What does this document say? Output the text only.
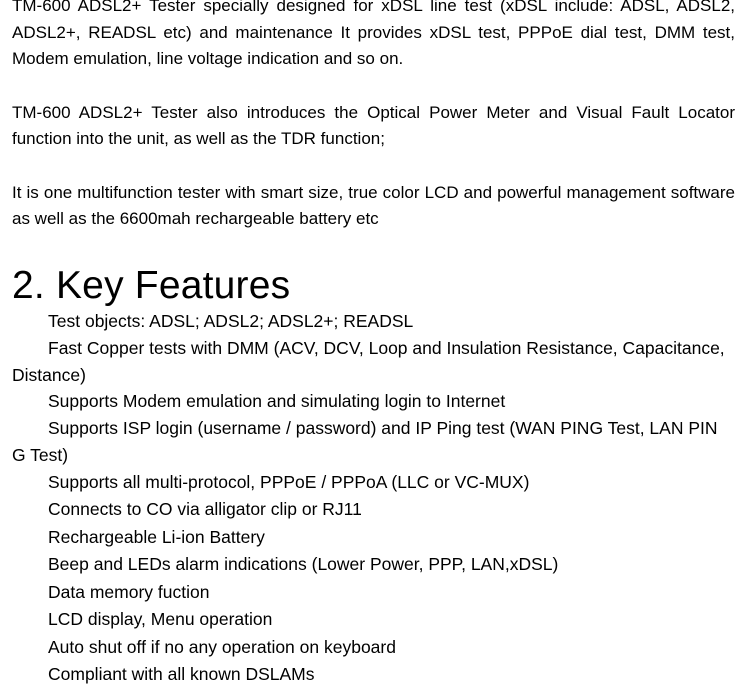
TM-600 ADSL2+ Tester specially designed for xDSL line test (xDSL include: ADSL, ADSL2, ADSL2+, READSL etc) and maintenance It provides xDSL test, PPPoE dial test, DMM test, Modem emulation, line voltage indication and so on.

TM-600 ADSL2+ Tester also introduces the Optical Power Meter and Visual Fault Locator function into the unit, as well as the TDR function;

It is one multifunction tester with smart size, true color LCD and powerful management software as well as the 6600mah rechargeable battery etc

2. Key Features
Test objects: ADSL; ADSL2; ADSL2+; READSL
Fast Copper tests with DMM (ACV, DCV, Loop and Insulation Resistance, Capacitance, Distance)
Supports Modem emulation and simulating login to Internet
Supports ISP login (username / password) and IP Ping test (WAN PING Test, LAN PING Test)
Supports all multi-protocol, PPPoE / PPPoA (LLC or VC-MUX)
Connects to CO via alligator clip or RJ11
Rechargeable Li-ion Battery
Beep and LEDs alarm indications (Lower Power, PPP, LAN,xDSL)
Data memory fuction
LCD display, Menu operation
Auto shut off if no any operation on keyboard
Compliant with all known DSLAMs
